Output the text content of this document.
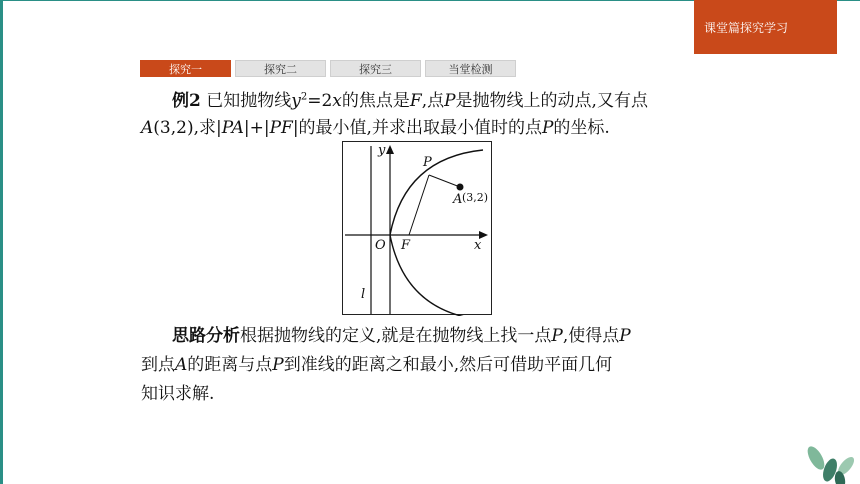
课堂篇探究学习
探究一	探究二	探究三	当堂检测
例2 已知抛物线$y^2=2x$的焦点是F,点P是抛物线上的动点,又有点
A(3,2),求|PA|+|PF|的最小值,并求出取最小值时的点P的坐标.
y
x
O F
P
A (3,2)
l
思路分析根据抛物线的定义,就是在抛物线上找一点P,使得点P
到点A的距离与点P到准线的距离之和最小,然后可借助平面几何
知识求解.
